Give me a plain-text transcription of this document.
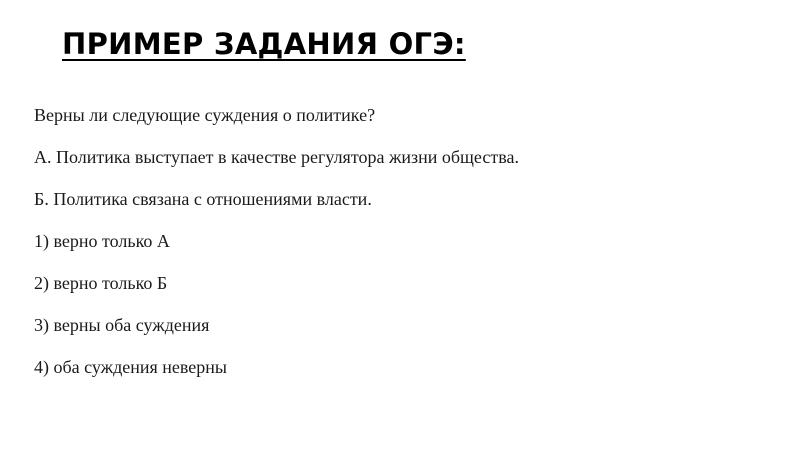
ПРИМЕР ЗАДАНИЯ ОГЭ:
Верны ли следующие суждения о политике?
А. Политика выступает в качестве регулятора жизни общества.
Б. Политика связана с отношениями власти.
1) верно только А
2) верно только Б
3) верны оба суждения
4) оба суждения неверны
